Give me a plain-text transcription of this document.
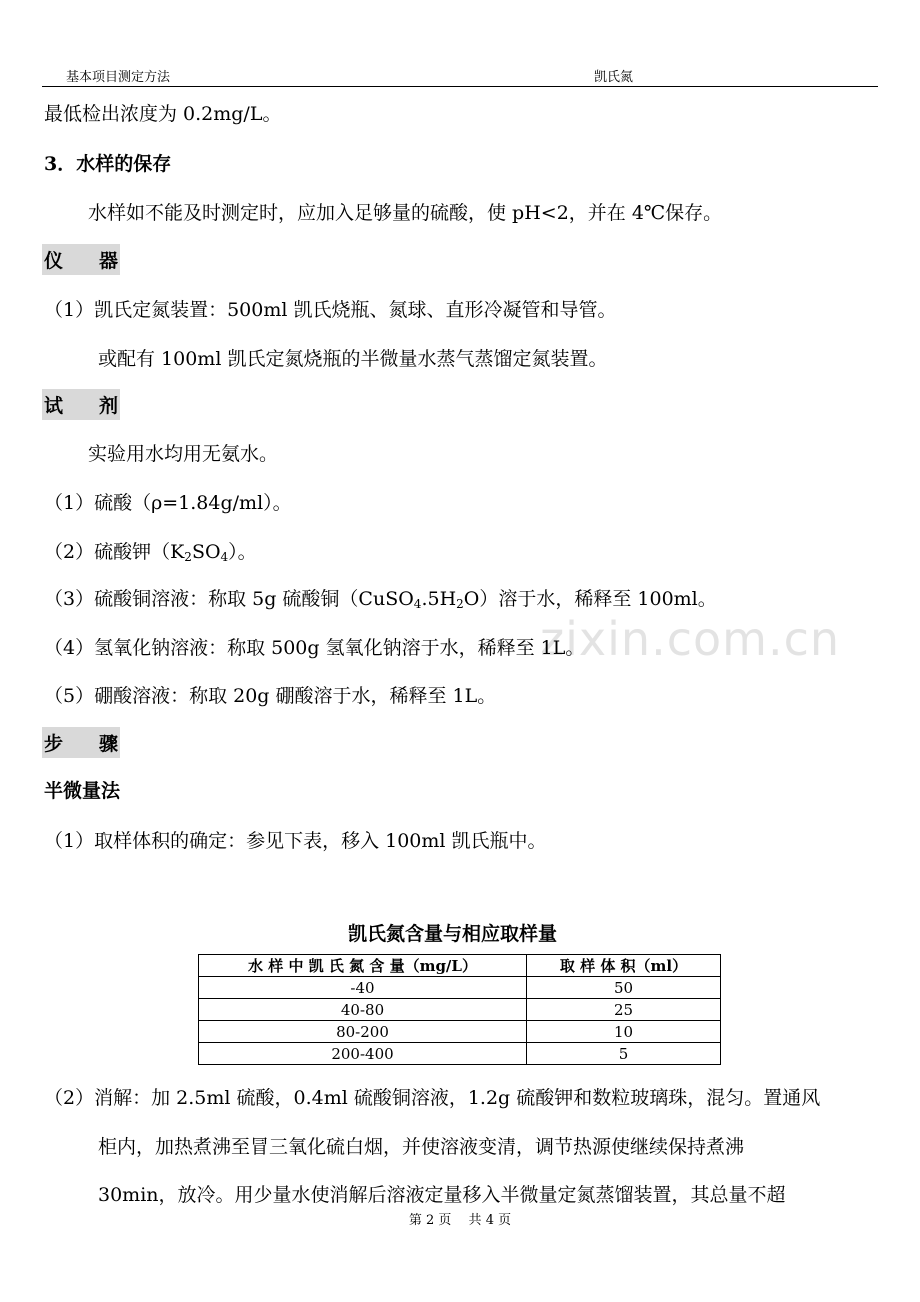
基本项目测定方法	凯氏氮
zixin.com.cn
最低检出浓度为 0.2mg/L。
3．水样的保存
水样如不能及时测定时，应加入足够量的硫酸，使 pH<2，并在 4℃保存。
仪 器
（1）凯氏定氮装置：500ml 凯氏烧瓶、氮球、直形冷凝管和导管。
或配有 100ml 凯氏定氮烧瓶的半微量水蒸气蒸馏定氮装置。
试 剂
实验用水均用无氨水。
（1）硫酸（ρ=1.84g/ml）。
（2）硫酸钾$(K_2SO_4)$。
（3）硫酸铜溶液：称取 5g 硫酸铜$(CuSO_4.5H_2O)$溶于水，稀释至 100ml。
（4）氢氧化钠溶液：称取 500g 氢氧化钠溶于水，稀释至 1L。
（5）硼酸溶液：称取 20g 硼酸溶于水，稀释至 1L。
步 骤
半微量法
（1）取样体积的确定：参见下表，移入 100ml 凯氏瓶中。
凯氏氮含量与相应取样量
水 样 中 凯 氏 氮 含 量（mg/L）	取 样 体 积（ml）
-40	50
40-80	25
80-200	10
200-400	5
（2）消解：加 2.5ml 硫酸，0.4ml 硫酸铜溶液，1.2g 硫酸钾和数粒玻璃珠，混匀。置通风
柜内，加热煮沸至冒三氧化硫白烟，并使溶液变清，调节热源使继续保持煮沸
30min，放冷。用少量水使消解后溶液定量移入半微量定氮蒸馏装置，其总量不超
第 2 页　 共 4 页
